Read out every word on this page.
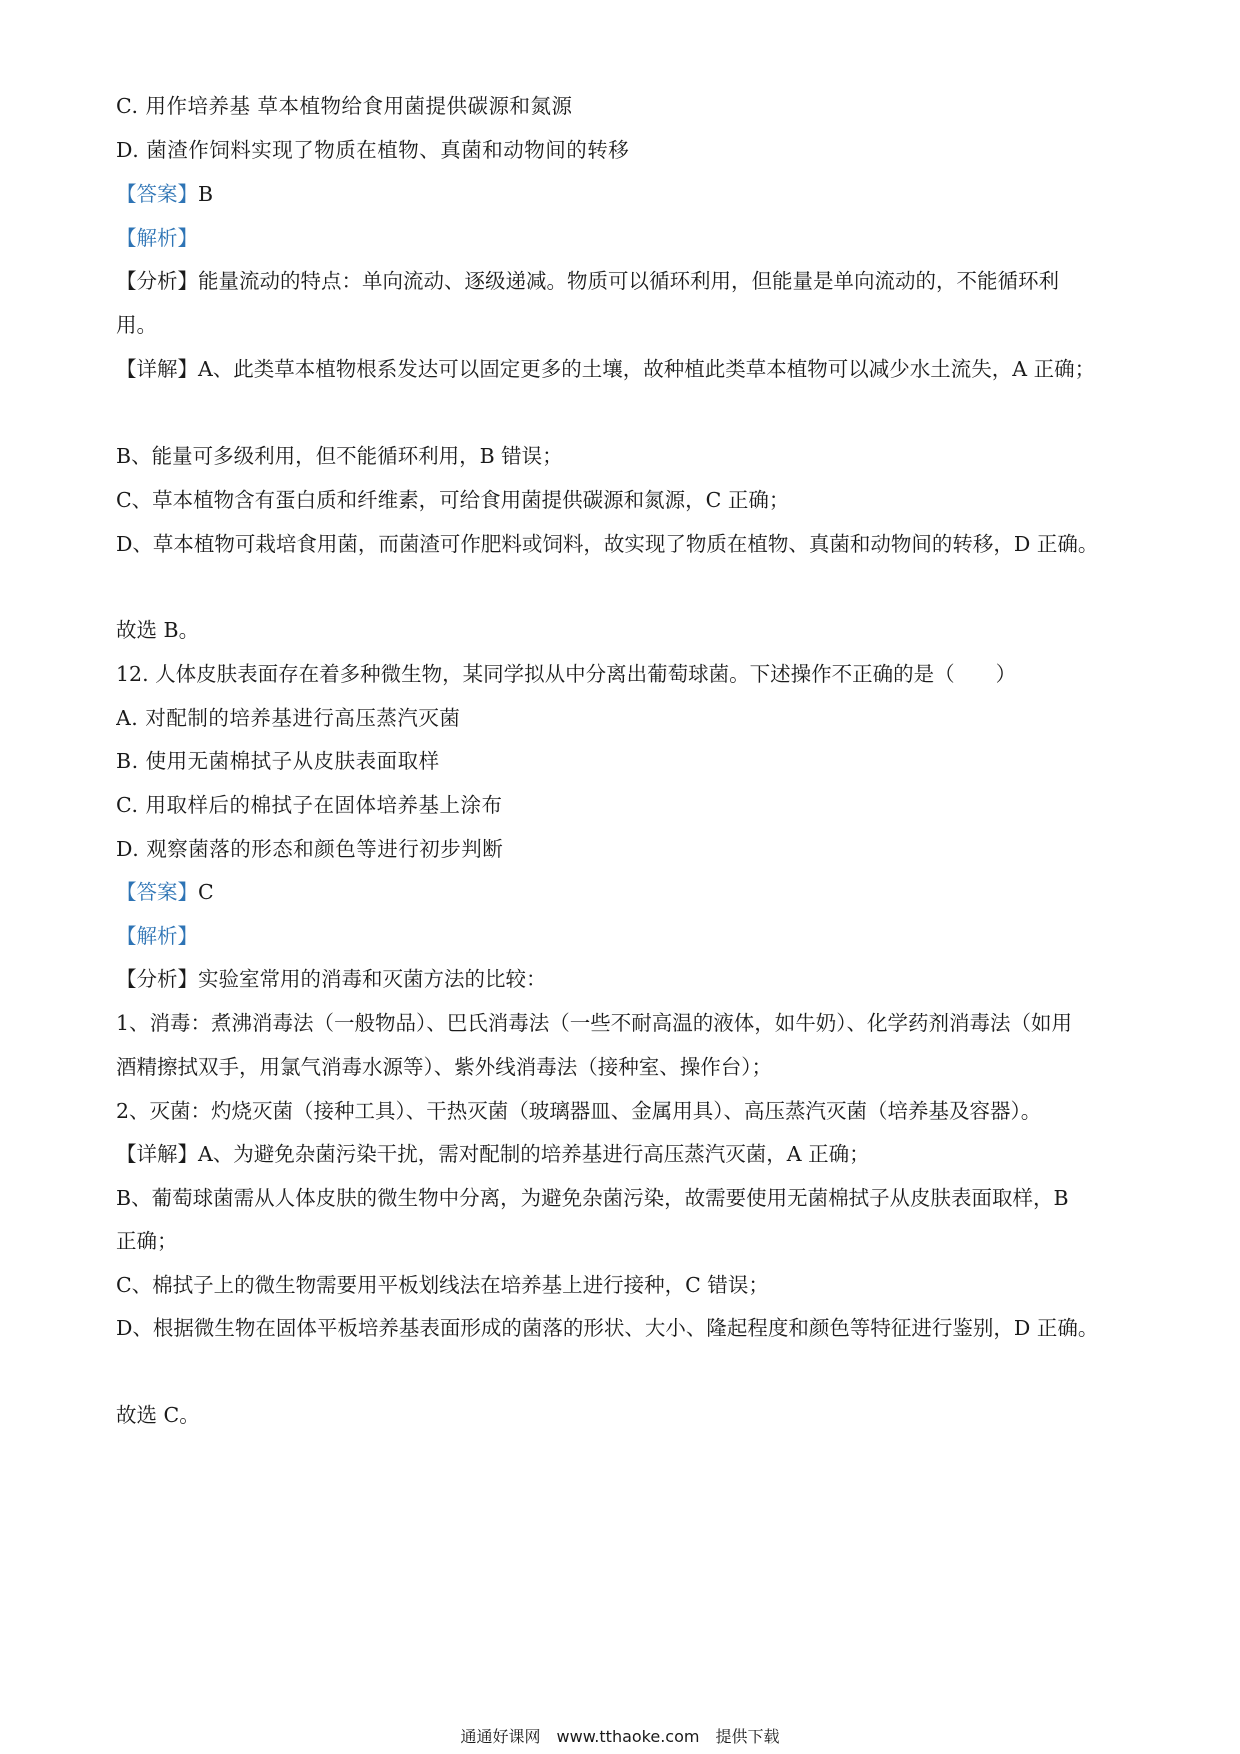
C. 用作培养基 草本植物给食用菌提供碳源和氮源
D. 菌渣作饲料实现了物质在植物、真菌和动物间的转移
【答案】B
【解析】
【分析】能量流动的特点：单向流动、逐级递减。物质可以循环利用，但能量是单向流动的，不能循环利
用。
【详解】A、此类草本植物根系发达可以固定更多的土壤，故种植此类草本植物可以减少水土流失，A 正确；
B、能量可多级利用，但不能循环利用，B 错误；
C、草本植物含有蛋白质和纤维素，可给食用菌提供碳源和氮源，C 正确；
D、草本植物可栽培食用菌，而菌渣可作肥料或饲料，故实现了物质在植物、真菌和动物间的转移，D 正确。
故选 B。
12. 人体皮肤表面存在着多种微生物，某同学拟从中分离出葡萄球菌。下述操作不正确的是（　　）
A. 对配制的培养基进行高压蒸汽灭菌
B. 使用无菌棉拭子从皮肤表面取样
C. 用取样后的棉拭子在固体培养基上涂布
D. 观察菌落的形态和颜色等进行初步判断
【答案】C
【解析】
【分析】实验室常用的消毒和灭菌方法的比较：
1、消毒：煮沸消毒法（一般物品）、巴氏消毒法（一些不耐高温的液体，如牛奶）、化学药剂消毒法（如用
酒精擦拭双手，用氯气消毒水源等）、紫外线消毒法（接种室、操作台）；
2、灭菌：灼烧灭菌（接种工具）、干热灭菌（玻璃器皿、金属用具）、高压蒸汽灭菌（培养基及容器）。
【详解】A、为避免杂菌污染干扰，需对配制的培养基进行高压蒸汽灭菌，A 正确；
B、葡萄球菌需从人体皮肤的微生物中分离，为避免杂菌污染，故需要使用无菌棉拭子从皮肤表面取样，B
正确；
C、棉拭子上的微生物需要用平板划线法在培养基上进行接种，C 错误；
D、根据微生物在固体平板培养基表面形成的菌落的形状、大小、隆起程度和颜色等特征进行鉴别，D 正确。
故选 C。
通通好课网　www.tthaoke.com　提供下载
